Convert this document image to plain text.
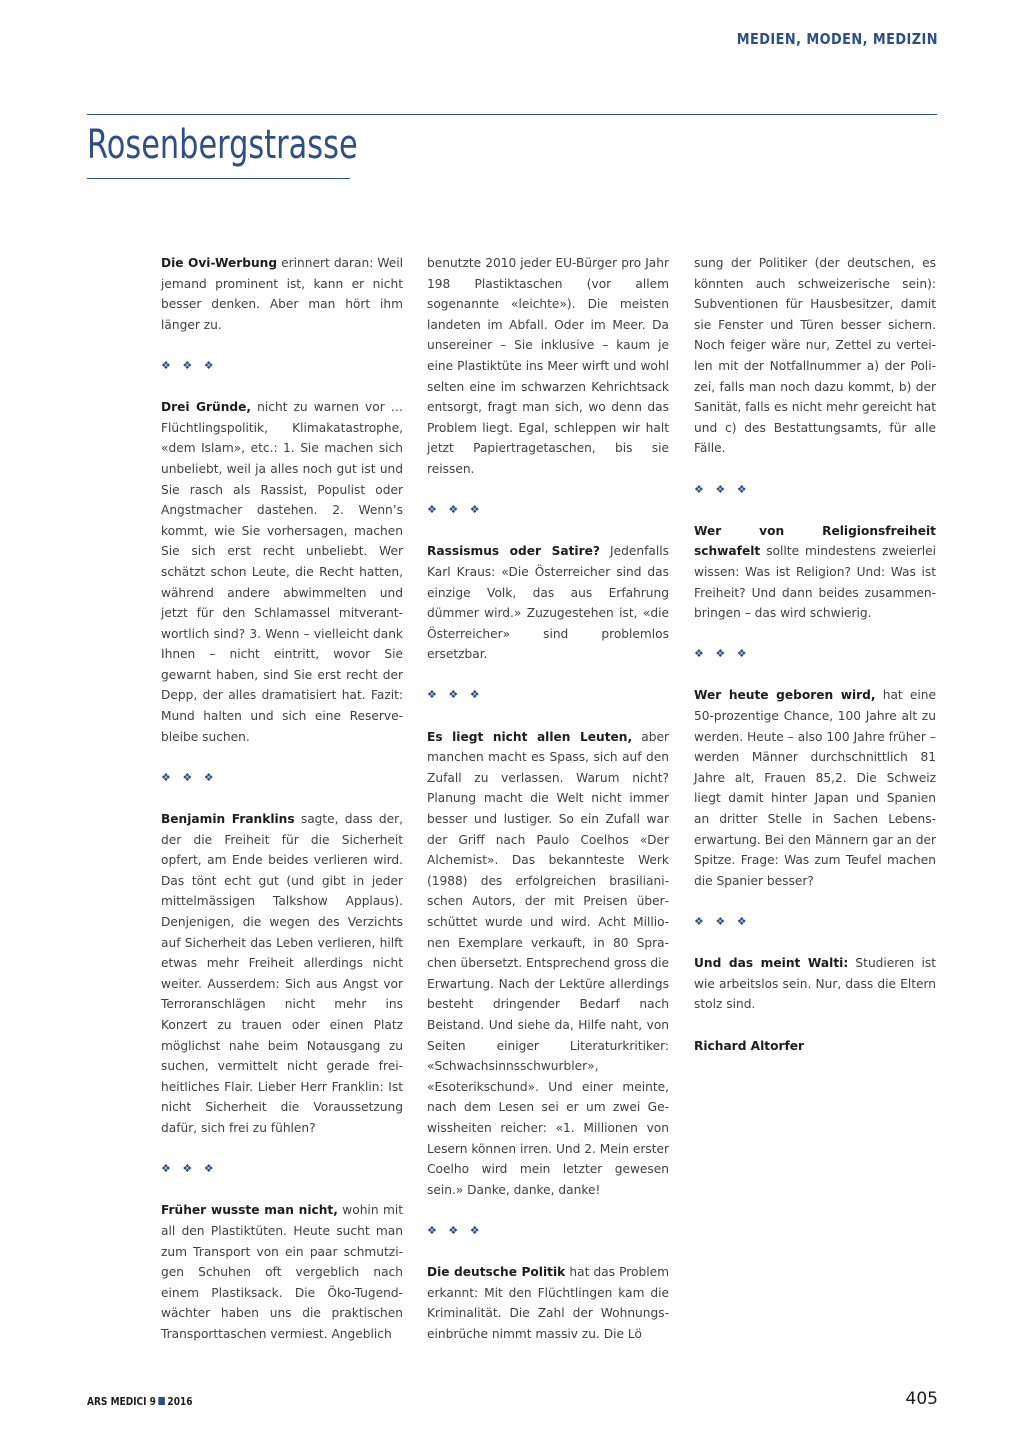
MEDIEN, MODEN, MEDIZIN
Rosenbergstrasse

Die Ovi-Werbung erinnert daran: Weil jemand prominent ist, kann er nicht besser denken. Aber man hört ihm länger zu.

❖ ❖ ❖

Drei Gründe, nicht zu warnen vor … Flüchtlingspolitik, Klimakatastrophe, «dem Islam», etc.: 1. Sie machen sich unbeliebt, weil ja alles noch gut ist und Sie rasch als Rassist, Populist oder Angstmacher dastehen. 2. Wenn’s kommt, wie Sie vorhersagen, machen Sie sich erst recht unbeliebt. Wer schätzt schon Leute, die Recht hatten, während andere abwimmelten und jetzt für den Schlamassel mitverantwortlich sind? 3. Wenn – vielleicht dank Ihnen – nicht eintritt, wovor Sie gewarnt haben, sind Sie erst recht der Depp, der alles dramatisiert hat. Fazit: Mund halten und sich eine Reservebleibe suchen.

❖ ❖ ❖

Benjamin Franklins sagte, dass der, der die Freiheit für die Sicherheit opfert, am Ende beides verlieren wird. Das tönt echt gut (und gibt in jeder mittelmässigen Talkshow Applaus). Denjenigen, die wegen des Verzichts auf Sicherheit das Leben verlieren, hilft etwas mehr Freiheit allerdings nicht weiter. Ausserdem: Sich aus Angst vor Terroranschlägen nicht mehr ins Konzert zu trauen oder einen Platz möglichst nahe beim Notausgang zu suchen, vermittelt nicht gerade freiheitliches Flair. Lieber Herr Franklin: Ist nicht Sicherheit die Voraussetzung dafür, sich frei zu fühlen?

❖ ❖ ❖

Früher wusste man nicht, wohin mit all den Plastiktüten. Heute sucht man zum Transport von ein paar schmutzigen Schuhen oft vergeblich nach einem Plastiksack. Die Öko-Tugendwächter haben uns die praktischen Transporttaschen vermiest. Angeblich

benutzte 2010 jeder EU-Bürger pro Jahr 198 Plastiktaschen (vor allem sogenannte «leichte»). Die meisten landeten im Abfall. Oder im Meer. Da unsereiner – Sie inklusive – kaum je eine Plastiktüte ins Meer wirft und wohl selten eine im schwarzen Kehrichtsack entsorgt, fragt man sich, wo denn das Problem liegt. Egal, schleppen wir halt jetzt Papiertragetaschen, bis sie reissen.

❖ ❖ ❖

Rassismus oder Satire? Jedenfalls Karl Kraus: «Die Österreicher sind das einzige Volk, das aus Erfahrung dümmer wird.» Zuzugestehen ist, «die Österreicher» sind problemlos ersetzbar.

❖ ❖ ❖

Es liegt nicht allen Leuten, aber manchen macht es Spass, sich auf den Zufall zu verlassen. Warum nicht? Planung macht die Welt nicht immer besser und lustiger. So ein Zufall war der Griff nach Paulo Coelhos «Der Alchemist». Das bekannteste Werk (1988) des erfolgreichen brasilianischen Autors, der mit Preisen überschüttet wurde und wird. Acht Millionen Exemplare verkauft, in 80 Sprachen übersetzt. Entsprechend gross die Erwartung. Nach der Lektüre allerdings besteht dringender Bedarf nach Beistand. Und siehe da, Hilfe naht, von Seiten einiger Literaturkritiker: «Schwachsinnsschwurbler», «Esoterikschund». Und einer meinte, nach dem Lesen sei er um zwei Gewissheiten reicher: «1. Millionen von Lesern können irren. Und 2. Mein erster Coelho wird mein letzter gewesen sein.» Danke, danke, danke!

❖ ❖ ❖

Die deutsche Politik hat das Problem erkannt: Mit den Flüchtlingen kam die Kriminalität. Die Zahl der Wohnungseinbrüche nimmt massiv zu. Die Lö

sung der Politiker (der deutschen, es könnten auch schweizerische sein): Subventionen für Hausbesitzer, damit sie Fenster und Türen besser sichern. Noch feiger wäre nur, Zettel zu verteilen mit der Notfallnummer a) der Polizei, falls man noch dazu kommt, b) der Sanität, falls es nicht mehr gereicht hat und c) des Bestattungsamts, für alle Fälle.

❖ ❖ ❖

Wer von Religionsfreiheit schwafelt sollte mindestens zweierlei wissen: Was ist Religion? Und: Was ist Freiheit? Und dann beides zusammenbringen – das wird schwierig.

❖ ❖ ❖

Wer heute geboren wird, hat eine 50-prozentige Chance, 100 Jahre alt zu werden. Heute – also 100 Jahre früher – werden Männer durchschnittlich 81 Jahre alt, Frauen 85,2. Die Schweiz liegt damit hinter Japan und Spanien an dritter Stelle in Sachen Lebenserwartung. Bei den Männern gar an der Spitze. Frage: Was zum Teufel machen die Spanier besser?

❖ ❖ ❖

Und das meint Walti: Studieren ist wie arbeitslos sein. Nur, dass die Eltern stolz sind.

Richard Altorfer

ARS MEDICI 9 2016	405
